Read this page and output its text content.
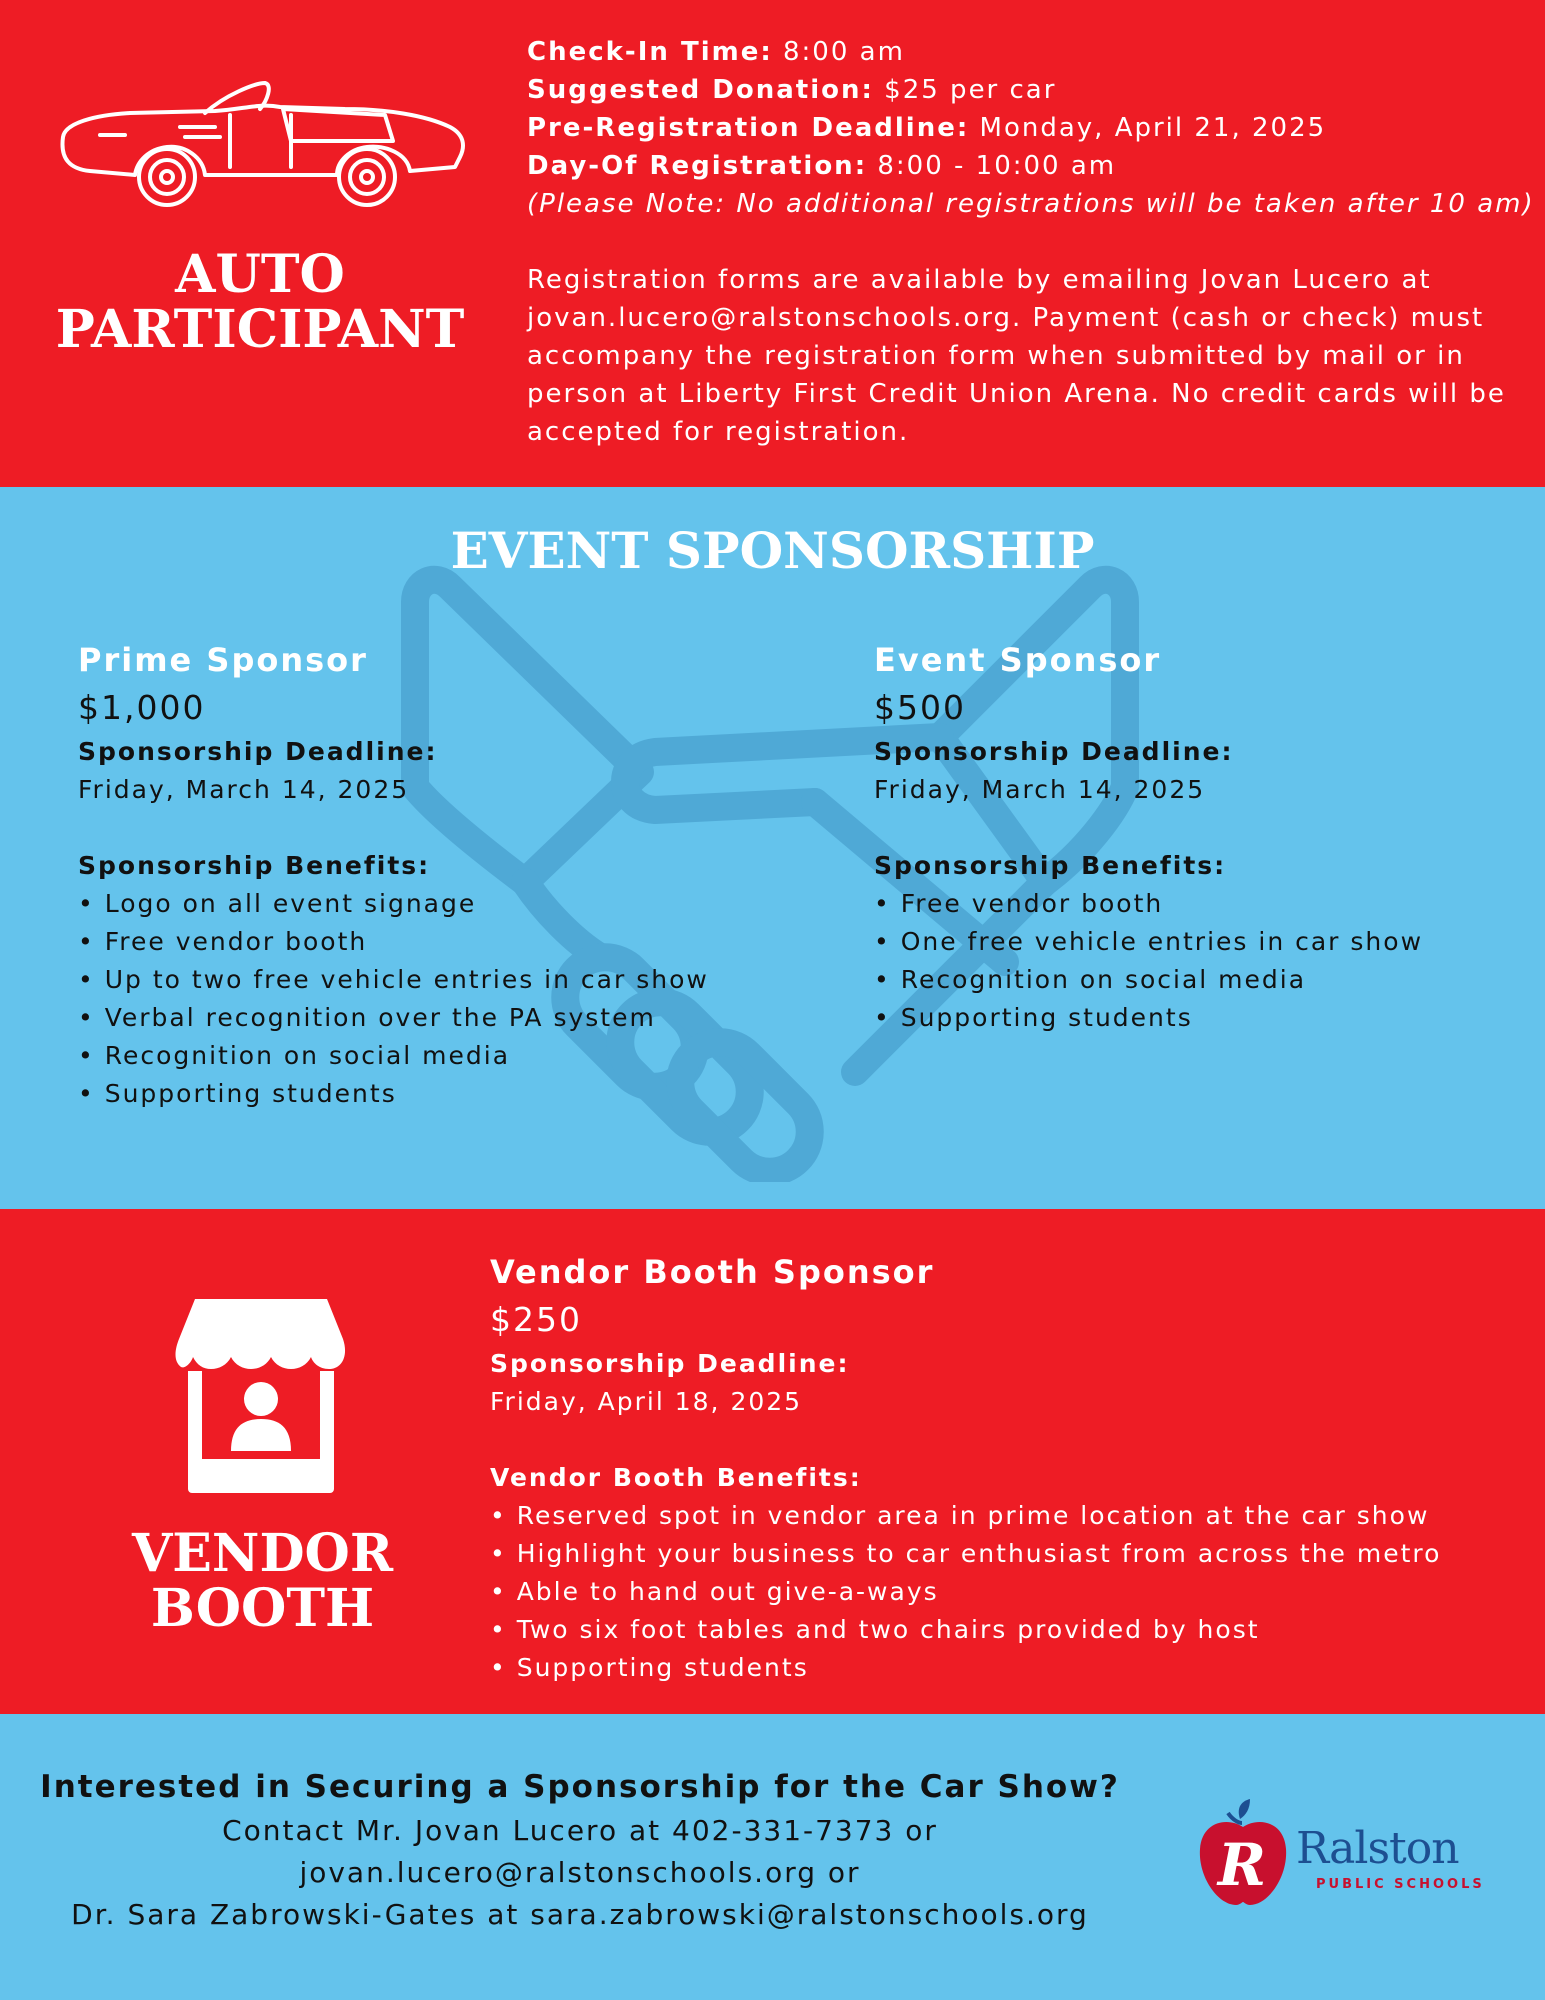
AUTO
PARTICIPANT
Check-In Time: 8:00 am
Suggested Donation: $25 per car
Pre-Registration Deadline: Monday, April 21, 2025
Day-Of Registration: 8:00 - 10:00 am
(Please Note: No additional registrations will be taken after 10 am)
Registration forms are available by emailing Jovan Lucero at
jovan.lucero@ralstonschools.org. Payment (cash or check) must
accompany the registration form when submitted by mail or in
person at Liberty First Credit Union Arena. No credit cards will be
accepted for registration.
EVENT SPONSORSHIP
Prime Sponsor
$1,000
Sponsorship Deadline:
Friday, March 14, 2025
Sponsorship Benefits:
• Logo on all event signage
• Free vendor booth
• Up to two free vehicle entries in car show
• Verbal recognition over the PA system
• Recognition on social media
• Supporting students
Event Sponsor
$500
Sponsorship Deadline:
Friday, March 14, 2025
Sponsorship Benefits:
• Free vendor booth
• One free vehicle entries in car show
• Recognition on social media
• Supporting students
VENDOR
BOOTH
Vendor Booth Sponsor
$250
Sponsorship Deadline:
Friday, April 18, 2025
Vendor Booth Benefits:
• Reserved spot in vendor area in prime location at the car show
• Highlight your business to car enthusiast from across the metro
• Able to hand out give-a-ways
• Two six foot tables and two chairs provided by host
• Supporting students
Interested in Securing a Sponsorship for the Car Show?
Contact Mr. Jovan Lucero at 402-331-7373 or
jovan.lucero@ralstonschools.org or
Dr. Sara Zabrowski-Gates at sara.zabrowski@ralstonschools.org
R Ralston
PUBLIC SCHOOLS
